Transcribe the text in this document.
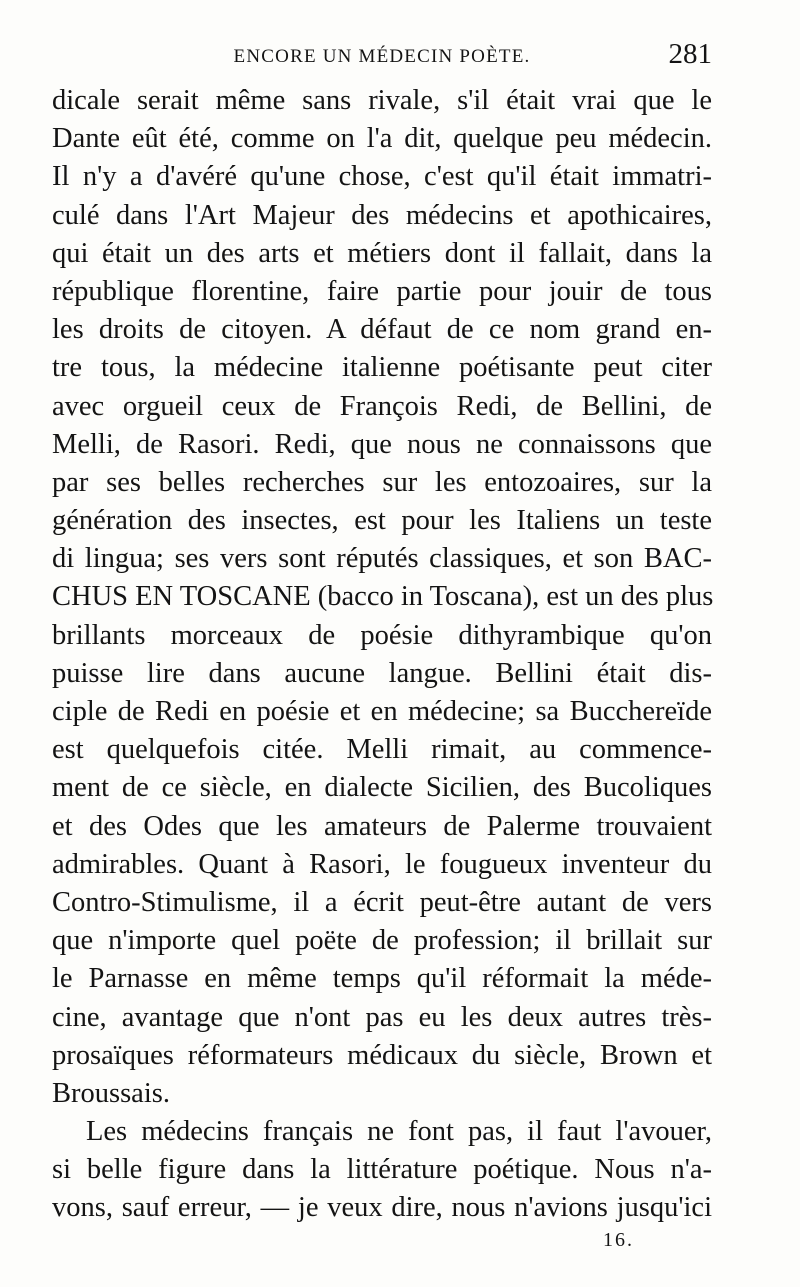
ENCORE UN MÉDECIN POÈTE.	281
dicale serait même sans rivale, s'il était vrai que le
Dante eût été, comme on l'a dit, quelque peu médecin.
Il n'y a d'avéré qu'une chose, c'est qu'il était immatri-
culé dans l'Art Majeur des médecins et apothicaires,
qui était un des arts et métiers dont il fallait, dans la
république florentine, faire partie pour jouir de tous
les droits de citoyen. A défaut de ce nom grand en-
tre tous, la médecine italienne poétisante peut citer
avec orgueil ceux de François Redi, de Bellini, de
Melli, de Rasori. Redi, que nous ne connaissons que
par ses belles recherches sur les entozoaires, sur la
génération des insectes, est pour les Italiens un teste
di lingua; ses vers sont réputés classiques, et son BAC-
CHUS EN TOSCANE (bacco in Toscana), est un des plus
brillants morceaux de poésie dithyrambique qu'on
puisse lire dans aucune langue. Bellini était dis-
ciple de Redi en poésie et en médecine; sa Bucchereïde
est quelquefois citée. Melli rimait, au commence-
ment de ce siècle, en dialecte Sicilien, des Bucoliques
et des Odes que les amateurs de Palerme trouvaient
admirables. Quant à Rasori, le fougueux inventeur du
Contro-Stimulisme, il a écrit peut-être autant de vers
que n'importe quel poëte de profession; il brillait sur
le Parnasse en même temps qu'il réformait la méde-
cine, avantage que n'ont pas eu les deux autres très-
prosaïques réformateurs médicaux du siècle, Brown et
Broussais.
Les médecins français ne font pas, il faut l'avouer,
si belle figure dans la littérature poétique. Nous n'a-
vons, sauf erreur, — je veux dire, nous n'avions jusqu'ici
16.
